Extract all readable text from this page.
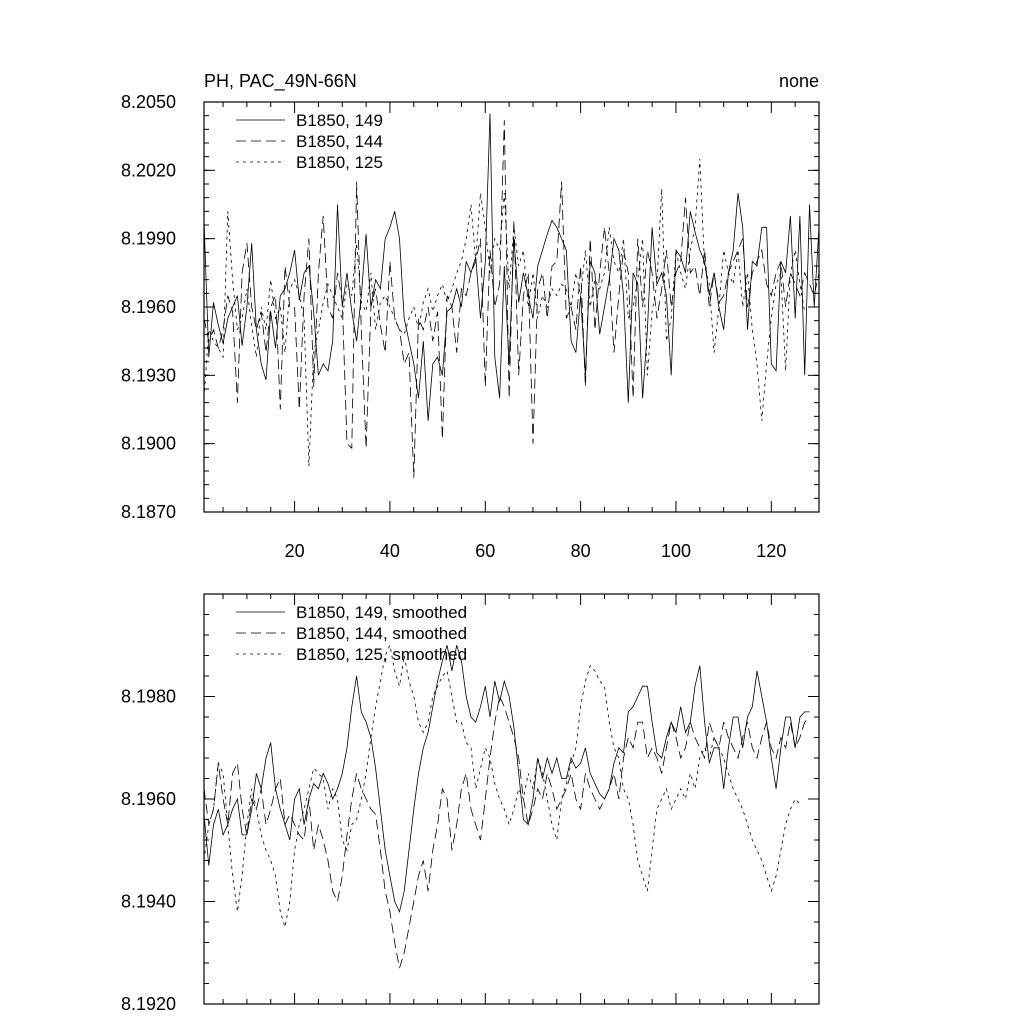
PH, PAC_49N-66N	none
8.1870
8.1900
8.1930
8.1960
8.1990
8.2020
8.2050
20	40	60	80	100	120
B1850, 149
B1850, 144
B1850, 125
8.1920
8.1940
8.1960
8.1980
B1850, 149, smoothed
B1850, 144, smoothed
B1850, 125, smoothed
